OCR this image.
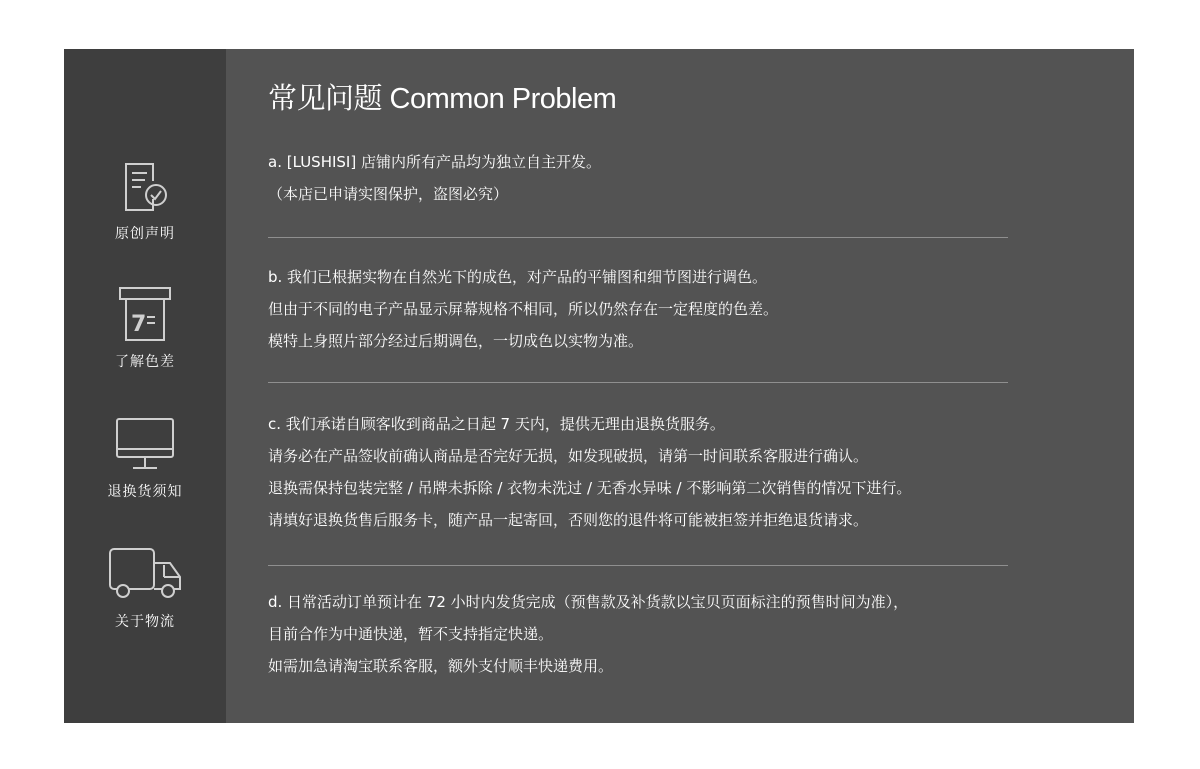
原创声明
7
了解色差
退换货须知
关于物流
常见问题 Common Problem
a. [LUSHISI] 店铺内所有产品均为独立自主开发。
（本店已申请实图保护，盗图必究）
b. 我们已根据实物在自然光下的成色，对产品的平铺图和细节图进行调色。
但由于不同的电子产品显示屏幕规格不相同，所以仍然存在一定程度的色差。
模特上身照片部分经过后期调色，一切成色以实物为准。
c. 我们承诺自顾客收到商品之日起 7 天内，提供无理由退换货服务。
请务必在产品签收前确认商品是否完好无损，如发现破损，请第一时间联系客服进行确认。
退换需保持包装完整 / 吊牌未拆除 / 衣物未洗过 / 无香水异味 / 不影响第二次销售的情况下进行。
请填好退换货售后服务卡，随产品一起寄回，否则您的退件将可能被拒签并拒绝退货请求。
d. 日常活动订单预计在 72 小时内发货完成（预售款及补货款以宝贝页面标注的预售时间为准），
目前合作为中通快递，暂不支持指定快递。
如需加急请淘宝联系客服，额外支付顺丰快递费用。
